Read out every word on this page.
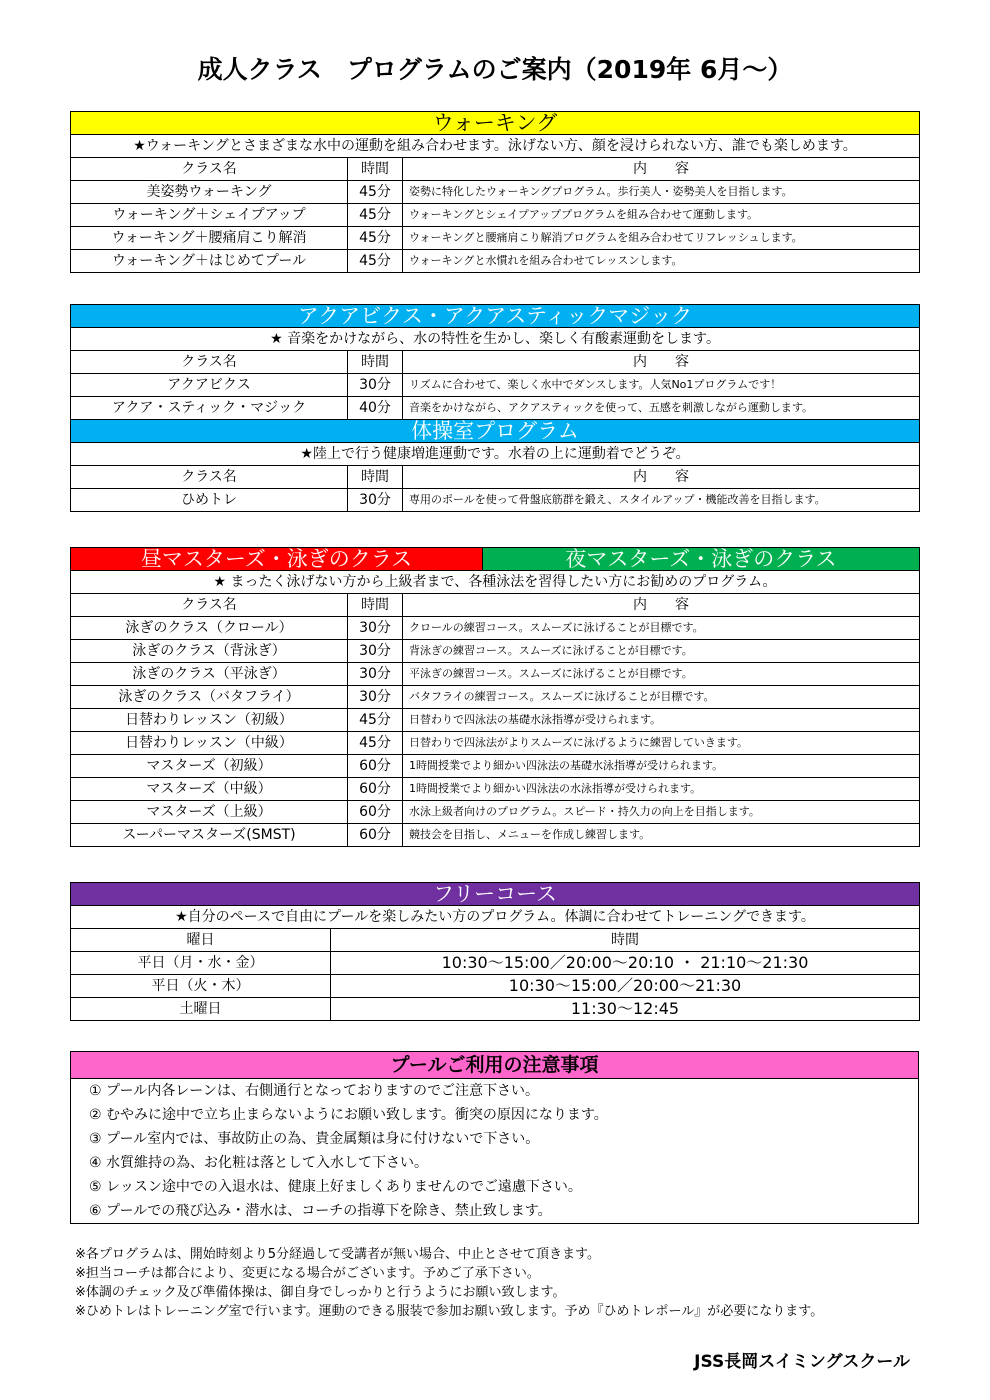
成人クラス　プログラムのご案内（2019年 6月～）
ウォーキング		
★ウォーキングとさまざまな水中の運動を組み合わせます。泳げない方、顔を浸けられない方、誰でも楽しめます。		
クラス名	時間	内　　容
美姿勢ウォーキング	45分	姿勢に特化したウォーキングプログラム。歩行美人・姿勢美人を目指します。
ウォーキング＋シェイプアップ	45分	ウォーキングとシェイプアッププログラムを組み合わせて運動します。
ウォーキング＋腰痛肩こり解消	45分	ウォーキングと腰痛肩こり解消プログラムを組み合わせてリフレッシュします。
ウォーキング＋はじめてプール	45分	ウォーキングと水慣れを組み合わせてレッスンします。
アクアビクス・アクアスティックマジック		
★ 音楽をかけながら、水の特性を生かし、楽しく有酸素運動をします。		
クラス名	時間	内　　容
アクアビクス	30分	リズムに合わせて、楽しく水中でダンスします。人気No1プログラムです！
アクア・スティック・マジック	40分	音楽をかけながら、アクアスティックを使って、五感を刺激しながら運動します。
体操室プログラム		
★陸上で行う健康増進運動です。水着の上に運動着でどうぞ。		
クラス名	時間	内　　容
ひめトレ	30分	専用のポールを使って骨盤底筋群を鍛え、スタイルアップ・機能改善を目指します。
昼マスターズ・泳ぎのクラス			夜マスターズ・泳ぎのクラス
★ まったく泳げない方から上級者まで、各種泳法を習得したい方にお勧めのプログラム。			
クラス名	時間	内　　容	
泳ぎのクラス（クロール）	30分	クロールの練習コース。スムーズに泳げることが目標です。	
泳ぎのクラス（背泳ぎ）	30分	背泳ぎの練習コース。スムーズに泳げることが目標です。	
泳ぎのクラス（平泳ぎ）	30分	平泳ぎの練習コース。スムーズに泳げることが目標です。	
泳ぎのクラス（バタフライ）	30分	バタフライの練習コース。スムーズに泳げることが目標です。	
日替わりレッスン（初級）	45分	日替わりで四泳法の基礎水泳指導が受けられます。	
日替わりレッスン（中級）	45分	日替わりで四泳法がよりスムーズに泳げるように練習していきます。	
マスターズ（初級）	60分	1時間授業でより細かい四泳法の基礎水泳指導が受けられます。	
マスターズ（中級）	60分	1時間授業でより細かい四泳法の水泳指導が受けられます。	
マスターズ（上級）	60分	水泳上級者向けのプログラム。スピード・持久力の向上を目指します。	
スーパーマスターズ(SMST)	60分	競技会を目指し、メニューを作成し練習します。	
フリーコース	
★自分のペースで自由にプールを楽しみたい方のプログラム。体調に合わせてトレーニングできます。	
曜日	時間
平日（月・水・金）	10:30～15:00／20:00～20:10 ・ 21:10～21:30
平日（火・木）	10:30～15:00／20:00～21:30
土曜日	11:30～12:45
プールご利用の注意事項
① プール内各レーンは、右側通行となっておりますのでご注意下さい。
② むやみに途中で立ち止まらないようにお願い致します。衝突の原因になります。
③ プール室内では、事故防止の為、貴金属類は身に付けないで下さい。
④ 水質維持の為、お化粧は落として入水して下さい。
⑤ レッスン途中での入退水は、健康上好ましくありませんのでご遠慮下さい。
⑥ プールでの飛び込み・潜水は、コーチの指導下を除き、禁止致します。
※各プログラムは、開始時刻より5分経過して受講者が無い場合、中止とさせて頂きます。
※担当コーチは都合により、変更になる場合がございます。予めご了承下さい。
※体調のチェック及び準備体操は、御自身でしっかりと行うようにお願い致します。
※ひめトレはトレーニング室で行います。運動のできる服装で参加お願い致します。予め『ひめトレポール』が必要になります。
JSS長岡スイミングスクール
